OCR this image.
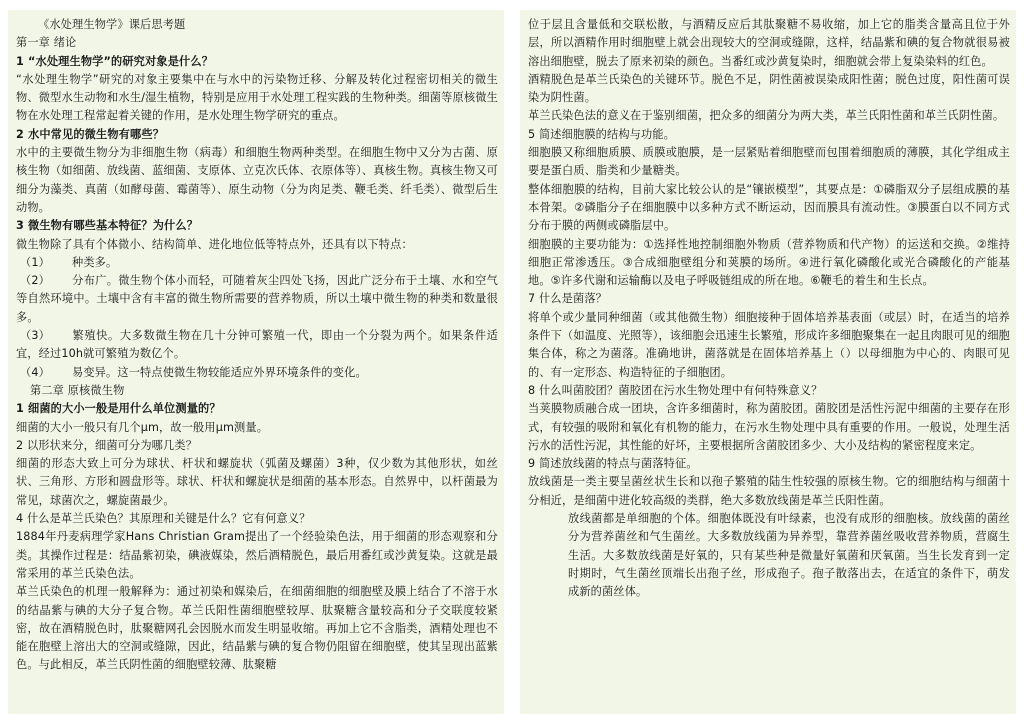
《水处理生物学》课后思考题

第一章 绪论

1 “水处理生物学”的研究对象是什么？

“水处理生物学”研究的对象主要集中在与水中的污染物迁移、分解及转化过程密切相关的微生物、微型水生动物和水生/湿生植物，特别是应用于水处理工程实践的生物种类。细菌等原核微生物在水处理工程常起着关键的作用，是水处理生物学研究的重点。

2 水中常见的微生物有哪些？

水中的主要微生物分为非细胞生物（病毒）和细胞生物两种类型。在细胞生物中又分为古菌、原核生物（如细菌、放线菌、蓝细菌、支原体、立克次氏体、衣原体等）、真核生物。真核生物又可细分为藻类、真菌（如酵母菌、霉菌等）、原生动物（分为肉足类、鞭毛类、纤毛类）、微型后生动物。

3 微生物有哪些基本特征？为什么？

微生物除了具有个体微小、结构简单、进化地位低等特点外，还具有以下特点：

（1） 种类多。

（2） 分布广。微生物个体小而轻，可随着灰尘四处飞扬，因此广泛分布于土壤、水和空气等自然环境中。土壤中含有丰富的微生物所需要的营养物质，所以土壤中微生物的种类和数量很多。

（3） 繁殖快。大多数微生物在几十分钟可繁殖一代，即由一个分裂为两个。如果条件适宜，经过10h就可繁殖为数亿个。

（4） 易变异。这一特点使微生物较能适应外界环境条件的变化。

第二章 原核微生物

1 细菌的大小一般是用什么单位测量的？

细菌的大小一般只有几个μm，故一般用μm测量。

2 以形状来分，细菌可分为哪几类？

细菌的形态大致上可分为球状、杆状和螺旋状（弧菌及螺菌）3种，仅少数为其他形状，如丝状、三角形、方形和圆盘形等。球状、杆状和螺旋状是细菌的基本形态。自然界中，以杆菌最为常见，球菌次之，螺旋菌最少。

4 什么是革兰氏染色？其原理和关键是什么？它有何意义？

1884年丹麦病理学家Hans Christian Gram提出了一个经验染色法，用于细菌的形态观察和分类。其操作过程是：结晶紫初染，碘液媒染，然后酒精脱色，最后用番红或沙黄复染。这就是最常采用的革兰氏染色法。

革兰氏染色的机理一般解释为：通过初染和媒染后，在细菌细胞的细胞壁及膜上结合了不溶于水的结晶紫与碘的大分子复合物。革兰氏阳性菌细胞壁较厚、肽聚糖含量较高和分子交联度较紧密，故在酒精脱色时，肽聚糖网孔会因脱水而发生明显收缩。再加上它不含脂类，酒精处理也不能在胞壁上溶出大的空洞或缝隙，因此，结晶紫与碘的复合物仍阻留在细胞壁，使其呈现出蓝紫色。与此相反，革兰氏阴性菌的细胞壁较薄、肽聚糖

位于层且含量低和交联松散，与酒精反应后其肽聚糖不易收缩，加上它的脂类含量高且位于外层，所以酒精作用时细胞壁上就会出现较大的空洞或缝隙，这样，结晶紫和碘的复合物就很易被溶出细胞壁，脱去了原来初染的颜色。当番红或沙黄复染时，细胞就会带上复染染料的红色。

酒精脱色是革兰氏染色的关键环节。脱色不足，阴性菌被误染成阳性菌；脱色过度，阳性菌可误染为阴性菌。

革兰氏染色法的意义在于鉴别细菌，把众多的细菌分为两大类，革兰氏阳性菌和革兰氏阴性菌。

5 简述细胞膜的结构与功能。

细胞膜又称细胞质膜、质膜或胞膜，是一层紧贴着细胞壁而包围着细胞质的薄膜，其化学组成主要是蛋白质、脂类和少量糖类。

整体细胞膜的结构，目前大家比较公认的是“镶嵌模型”，其要点是：①磷脂双分子层组成膜的基本骨架。②磷脂分子在细胞膜中以多种方式不断运动，因而膜具有流动性。③膜蛋白以不同方式分布于膜的两侧或磷脂层中。

细胞膜的主要功能为：①选择性地控制细胞外物质（营养物质和代产物）的运送和交换。②维持细胞正常渗透压。③合成细胞壁组分和荚膜的场所。④进行氧化磷酸化或光合磷酸化的产能基地。⑤许多代谢和运输酶以及电子呼吸链组成的所在地。⑥鞭毛的着生和生长点。

7 什么是菌落？

将单个或少量同种细菌（或其他微生物）细胞接种于固体培养基表面（或层）时，在适当的培养条件下（如温度、光照等），该细胞会迅速生长繁殖，形成许多细胞聚集在一起且肉眼可见的细胞集合体，称之为菌落。准确地讲，菌落就是在固体培养基上（）以母细胞为中心的、肉眼可见的、有一定形态、构造特征的子细胞团。

8 什么叫菌胶团？菌胶团在污水生物处理中有何特殊意义？

当荚膜物质融合成一团块，含许多细菌时，称为菌胶团。菌胶团是活性污泥中细菌的主要存在形式，有较强的吸附和氧化有机物的能力，在污水生物处理中具有重要的作用。一般说，处理生活污水的活性污泥，其性能的好坏，主要根据所含菌胶团多少、大小及结构的紧密程度来定。

9 简述放线菌的特点与菌落特征。

放线菌是一类主要呈菌丝状生长和以孢子繁殖的陆生性较强的原核生物。它的细胞结构与细菌十分相近，是细菌中进化较高级的类群，绝大多数放线菌是革兰氏阳性菌。

放线菌都是单细胞的个体。细胞体既没有叶绿素，也没有成形的细胞核。放线菌的菌丝分为营养菌丝和气生菌丝。大多数放线菌为异养型，靠营养菌丝吸收营养物质，营腐生生活。大多数放线菌是好氧的，只有某些种是微量好氧菌和厌氧菌。当生长发育到一定时期时，气生菌丝顶端长出孢子丝，形成孢子。孢子散落出去，在适宜的条件下，萌发成新的菌丝体。
